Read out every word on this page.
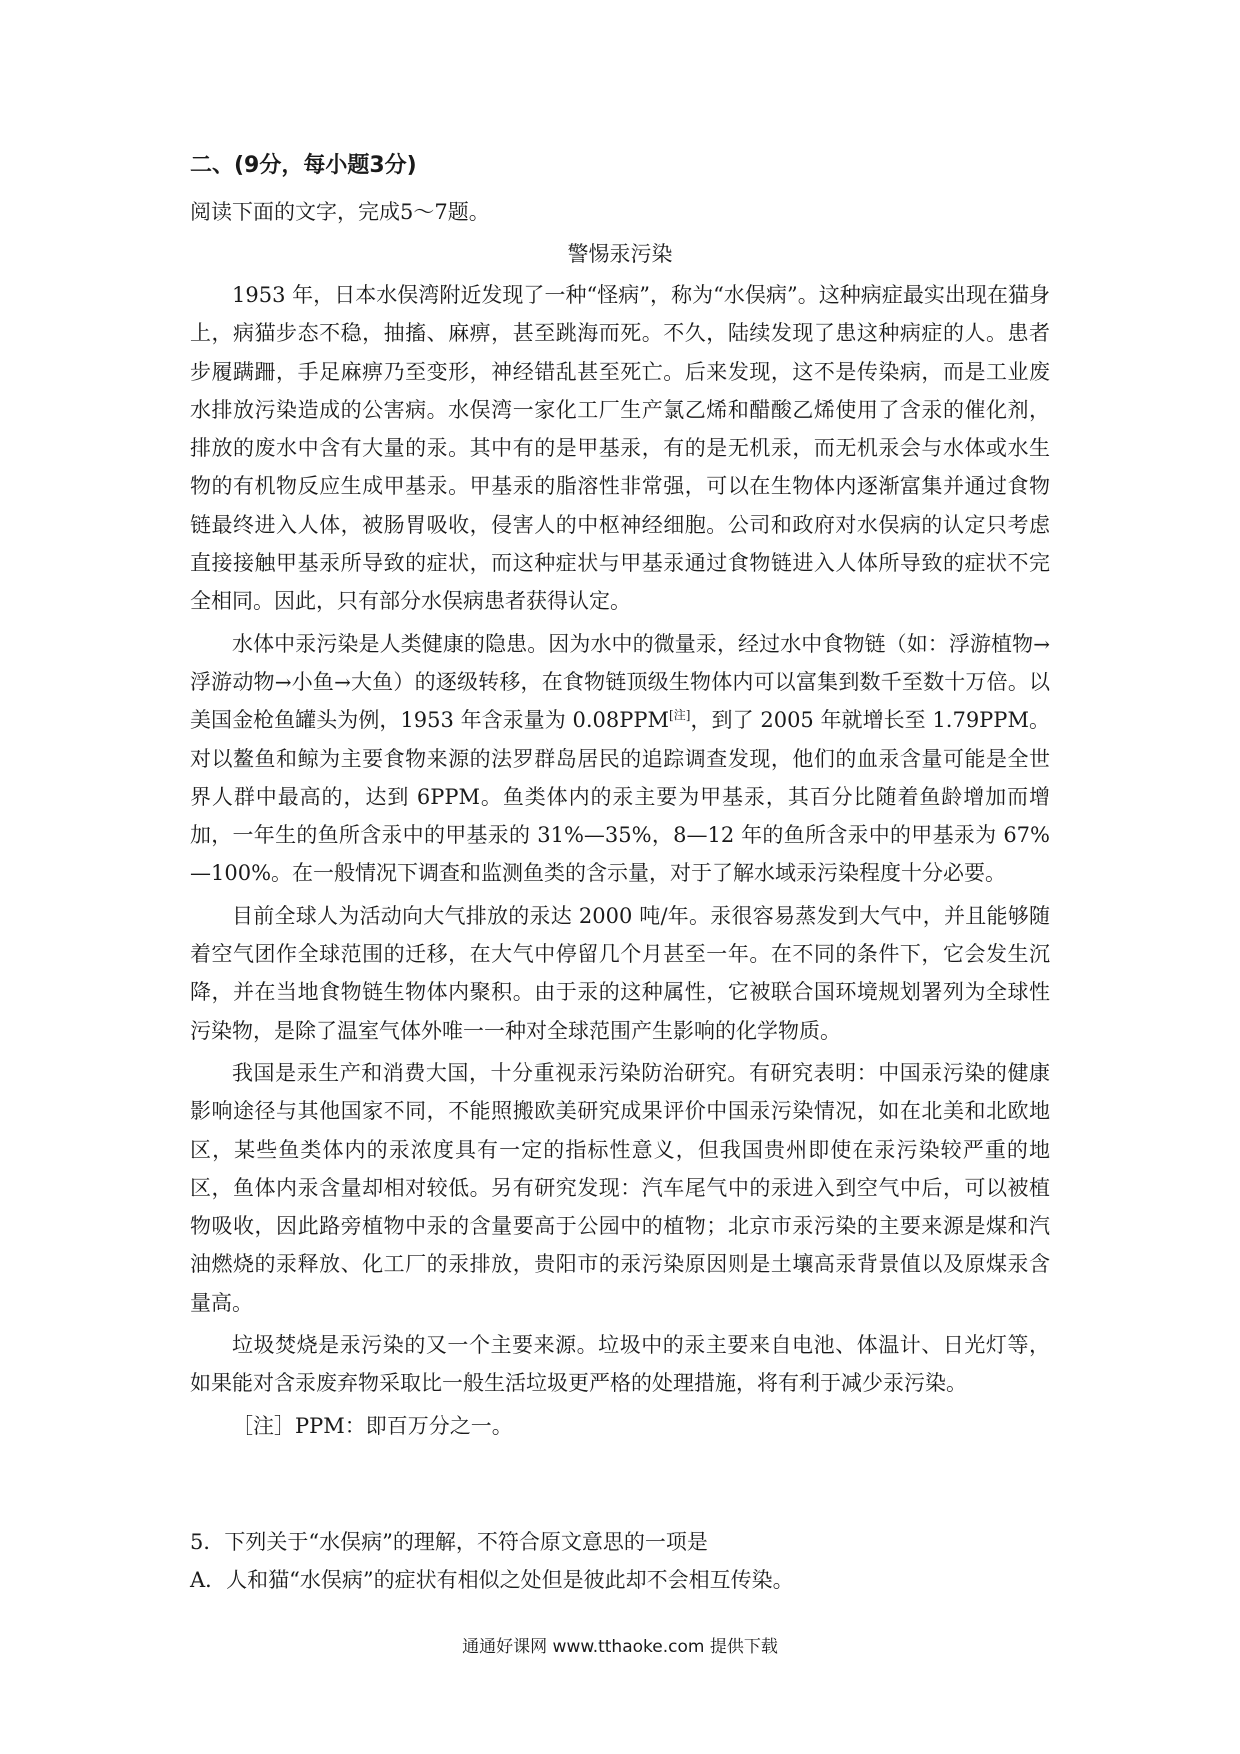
二、(9分，每小题3分)
阅读下面的文字，完成5～7题。
警惕汞污染

1953 年，日本水俣湾附近发现了一种“怪病”，称为“水俣病”。这种病症最实出现在猫身上，病猫步态不稳，抽搐、麻痹，甚至跳海而死。不久，陆续发现了患这种病症的人。患者步履蹒跚，手足麻痹乃至变形，神经错乱甚至死亡。后来发现，这不是传染病，而是工业废水排放污染造成的公害病。水俣湾一家化工厂生产氯乙烯和醋酸乙烯使用了含汞的催化剂，排放的废水中含有大量的汞。其中有的是甲基汞，有的是无机汞，而无机汞会与水体或水生物的有机物反应生成甲基汞。甲基汞的脂溶性非常强，可以在生物体内逐渐富集并通过食物链最终进入人体，被肠胃吸收，侵害人的中枢神经细胞。公司和政府对水俣病的认定只考虑直接接触甲基汞所导致的症状，而这种症状与甲基汞通过食物链进入人体所导致的症状不完全相同。因此，只有部分水俣病患者获得认定。

水体中汞污染是人类健康的隐患。因为水中的微量汞，经过水中食物链（如：浮游植物→浮游动物→小鱼→大鱼）的逐级转移，在食物链顶级生物体内可以富集到数千至数十万倍。以美国金枪鱼罐头为例，1953 年含汞量为 0.08PPM[注]，到了 2005 年就增长至 1.79PPM。对以鳌鱼和鲸为主要食物来源的法罗群岛居民的追踪调查发现，他们的血汞含量可能是全世界人群中最高的，达到 6PPM。鱼类体内的汞主要为甲基汞，其百分比随着鱼龄增加而增加，一年生的鱼所含汞中的甲基汞的 31%—35%，8—12 年的鱼所含汞中的甲基汞为 67%—100%。在一般情况下调查和监测鱼类的含示量，对于了解水域汞污染程度十分必要。

目前全球人为活动向大气排放的汞达 2000 吨/年。汞很容易蒸发到大气中，并且能够随着空气团作全球范围的迁移，在大气中停留几个月甚至一年。在不同的条件下，它会发生沉降，并在当地食物链生物体内聚积。由于汞的这种属性，它被联合国环境规划署列为全球性污染物，是除了温室气体外唯一一种对全球范围产生影响的化学物质。

我国是汞生产和消费大国，十分重视汞污染防治研究。有研究表明：中国汞污染的健康影响途径与其他国家不同，不能照搬欧美研究成果评价中国汞污染情况，如在北美和北欧地区，某些鱼类体内的汞浓度具有一定的指标性意义，但我国贵州即使在汞污染较严重的地区，鱼体内汞含量却相对较低。另有研究发现：汽车尾气中的汞进入到空气中后，可以被植物吸收，因此路旁植物中汞的含量要高于公园中的植物；北京市汞污染的主要来源是煤和汽油燃烧的汞释放、化工厂的汞排放，贵阳市的汞污染原因则是土壤高汞背景值以及原煤汞含量高。

垃圾焚烧是汞污染的又一个主要来源。垃圾中的汞主要来自电池、体温计、日光灯等，如果能对含汞废弃物采取比一般生活垃圾更严格的处理措施，将有利于减少汞污染。

［注］PPM：即百万分之一。

5．下列关于“水俣病”的理解，不符合原文意思的一项是
A．人和猫“水俣病”的症状有相似之处但是彼此却不会相互传染。
通通好课网 www.tthaoke.com 提供下载
